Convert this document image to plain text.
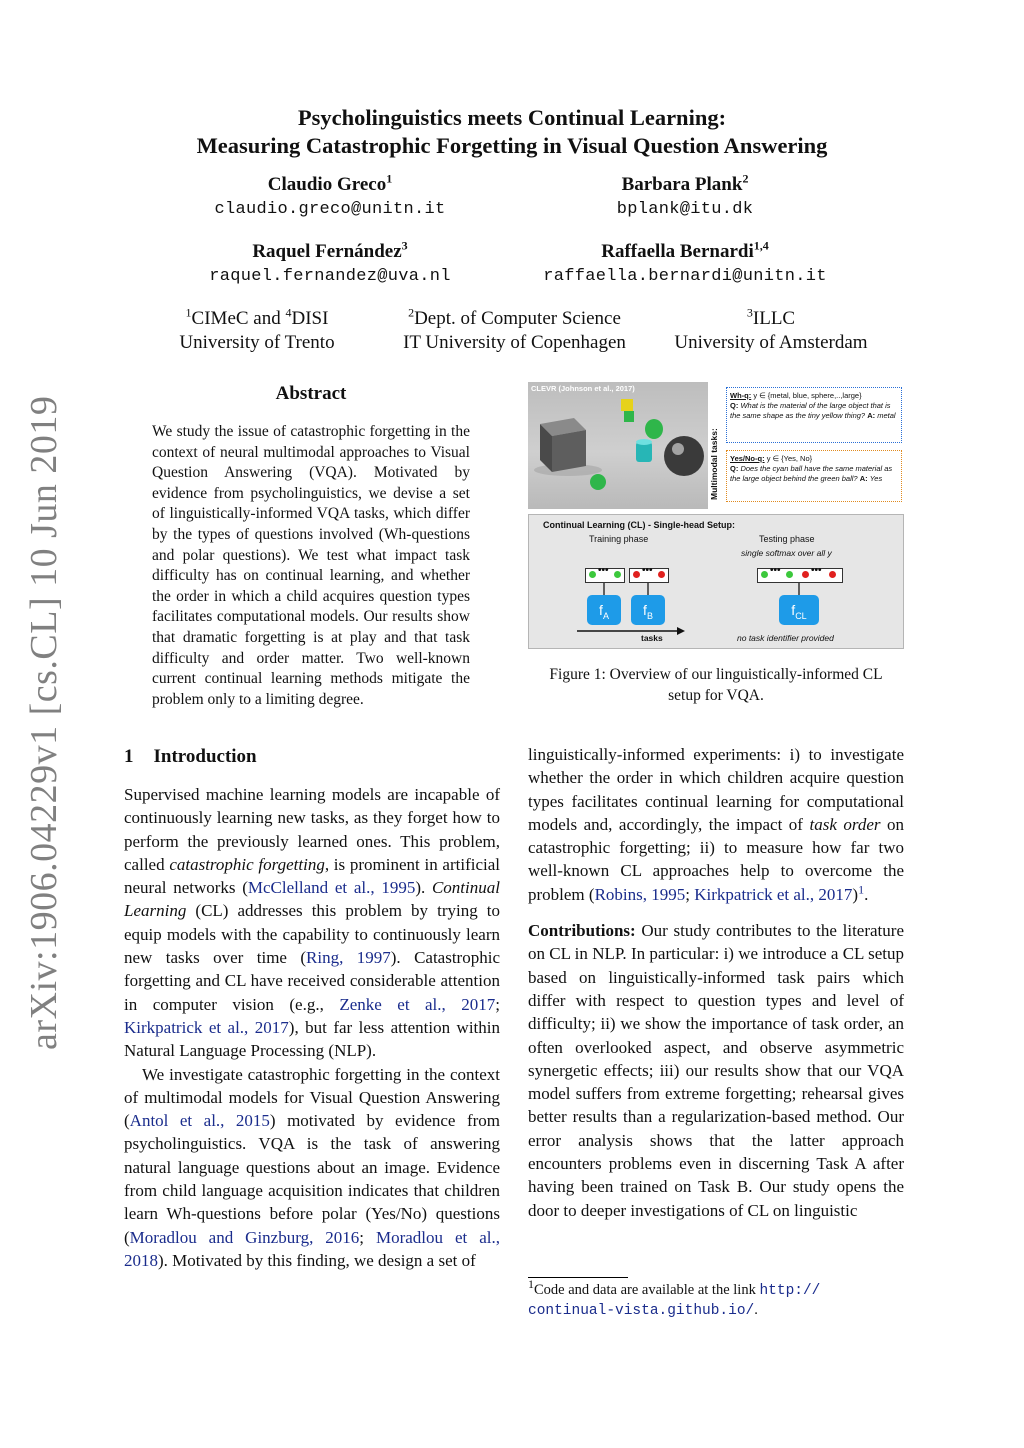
arXiv:1906.04229v1 [cs.CL] 10 Jun 2019
Psycholinguistics meets Continual Learning:
Measuring Catastrophic Forgetting in Visual Question Answering
Claudio Greco$^1$
claudio.greco@unitn.it
Barbara Plank$^2$
bplank@itu.dk
Raquel Fernández$^3$
raquel.fernandez@uva.nl
Raffaella Bernardi$^{1,4}$
raffaella.bernardi@unitn.it
$^1$CIMeC and $^4$DISI
University of Trento
$^2$Dept. of Computer Science
IT University of Copenhagen
$^3$ILLC
University of Amsterdam
Abstract
We study the issue of catastrophic forgetting in the context of neural multimodal approaches to Visual Question Answering (VQA). Motivated by evidence from psycholinguistics, we devise a set of linguistically-informed VQA tasks, which differ by the types of questions involved (Wh-questions and polar questions). We test what impact task difficulty has on continual learning, and whether the order in which a child acquires question types facilitates computational models. Our results show that dramatic forgetting is at play and that task difficulty and order matter. Two well-known current continual learning methods mitigate the problem only to a limiting degree.
CLEVR (Johnson et al., 2017)
Multimodal tasks:
Wh-q: y ∈ {metal, blue, sphere,..,large}
Q: What is the material of the large object that is the same shape as the tiny yellow thing? A: metal
Yes/No-q: y ∈ {Yes, No}
Q: Does the cyan ball have the same material as the large object behind the green ball? A: Yes
Continual Learning (CL) - Single-head Setup:
Training phase	Testing phase
single softmax over all y
•••	•••	•••	•••
$f_A$	$f_B$	$f_{CL}$
tasks	no task identifier provided
Figure 1: Overview of our linguistically-informed CL
setup for VQA.
1 Introduction
Supervised machine learning models are incapable of continuously learning new tasks, as they forget how to perform the previously learned ones. This problem, called catastrophic forgetting, is prominent in artificial neural networks (McClelland et al., 1995). Continual Learning (CL) addresses this problem by trying to equip models with the capability to continuously learn new tasks over time (Ring, 1997). Catastrophic forgetting and CL have received considerable attention in computer vision (e.g., Zenke et al., 2017; Kirkpatrick et al., 2017), but far less attention within Natural Language Processing (NLP).
We investigate catastrophic forgetting in the context of multimodal models for Visual Question Answering (Antol et al., 2015) motivated by evidence from psycholinguistics. VQA is the task of answering natural language questions about an image. Evidence from child language acquisition indicates that children learn Wh-questions before polar (Yes/No) questions (Moradlou and Ginzburg, 2016; Moradlou et al., 2018). Motivated by this finding, we design a set of
linguistically-informed experiments: i) to investigate whether the order in which children acquire question types facilitates continual learning for computational models and, accordingly, the impact of task order on catastrophic forgetting; ii) to measure how far two well-known CL approaches help to overcome the problem (Robins, 1995; Kirkpatrick et al., 2017)$^1$.
Contributions: Our study contributes to the literature on CL in NLP. In particular: i) we introduce a CL setup based on linguistically-informed task pairs which differ with respect to question types and level of difficulty; ii) we show the importance of task order, an often overlooked aspect, and observe asymmetric synergetic effects; iii) our results show that our VQA model suffers from extreme forgetting; rehearsal gives better results than a regularization-based method. Our error analysis shows that the latter approach encounters problems even in discerning Task A after having been trained on Task B. Our study opens the door to deeper investigations of CL on linguistic
$^1$Code and data are available at the link http://
continual-vista.github.io/.
